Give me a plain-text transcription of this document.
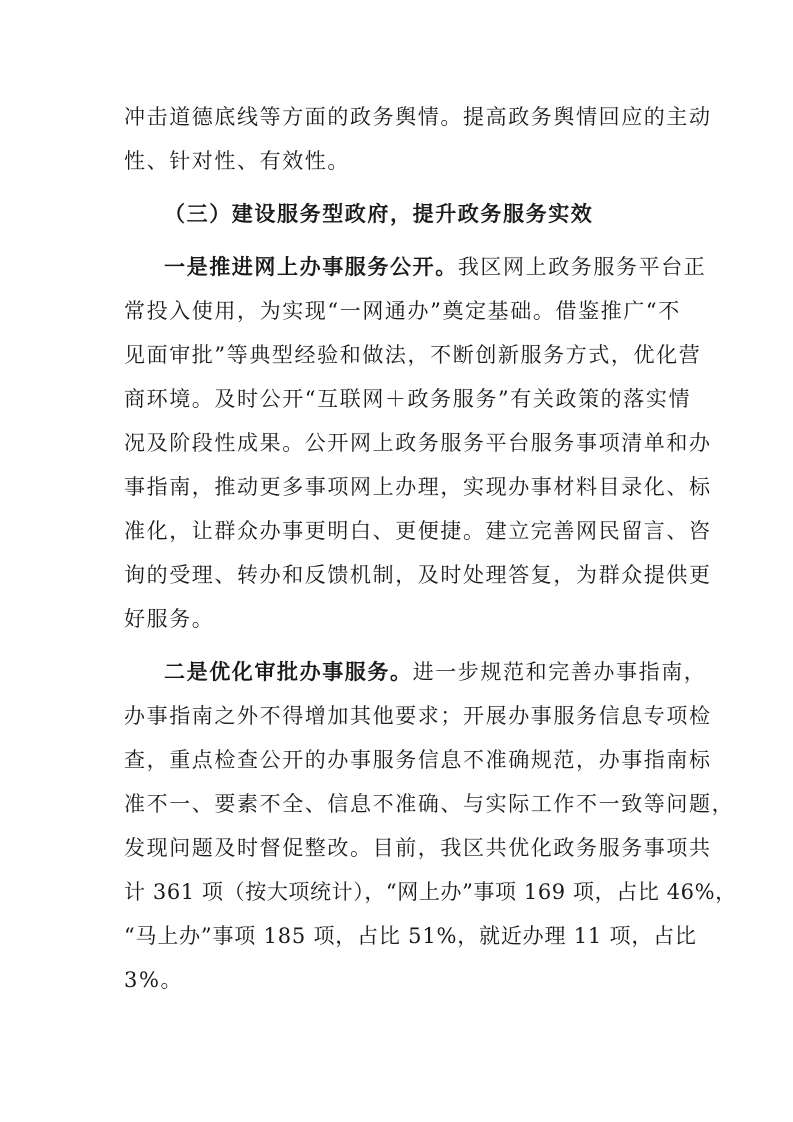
冲击道德底线等方面的政务舆情。提高政务舆情回应的主动
性、针对性、有效性。
（三）建设服务型政府，提升政务服务实效
一是推进网上办事服务公开。我区网上政务服务平台正
常投入使用，为实现“一网通办”奠定基础。借鉴推广“不
见面审批”等典型经验和做法，不断创新服务方式，优化营
商环境。及时公开“互联网＋政务服务”有关政策的落实情
况及阶段性成果。公开网上政务服务平台服务事项清单和办
事指南，推动更多事项网上办理，实现办事材料目录化、标
准化，让群众办事更明白、更便捷。建立完善网民留言、咨
询的受理、转办和反馈机制，及时处理答复，为群众提供更
好服务。
二是优化审批办事服务。进一步规范和完善办事指南，
办事指南之外不得增加其他要求；开展办事服务信息专项检
查，重点检查公开的办事服务信息不准确规范，办事指南标
准不一、要素不全、信息不准确、与实际工作不一致等问题，
发现问题及时督促整改。目前，我区共优化政务服务事项共
计 361 项（按大项统计），“网上办”事项 169 项，占比 46%，
“马上办”事项 185 项，占比 51%，就近办理 11 项，占比
3%。
